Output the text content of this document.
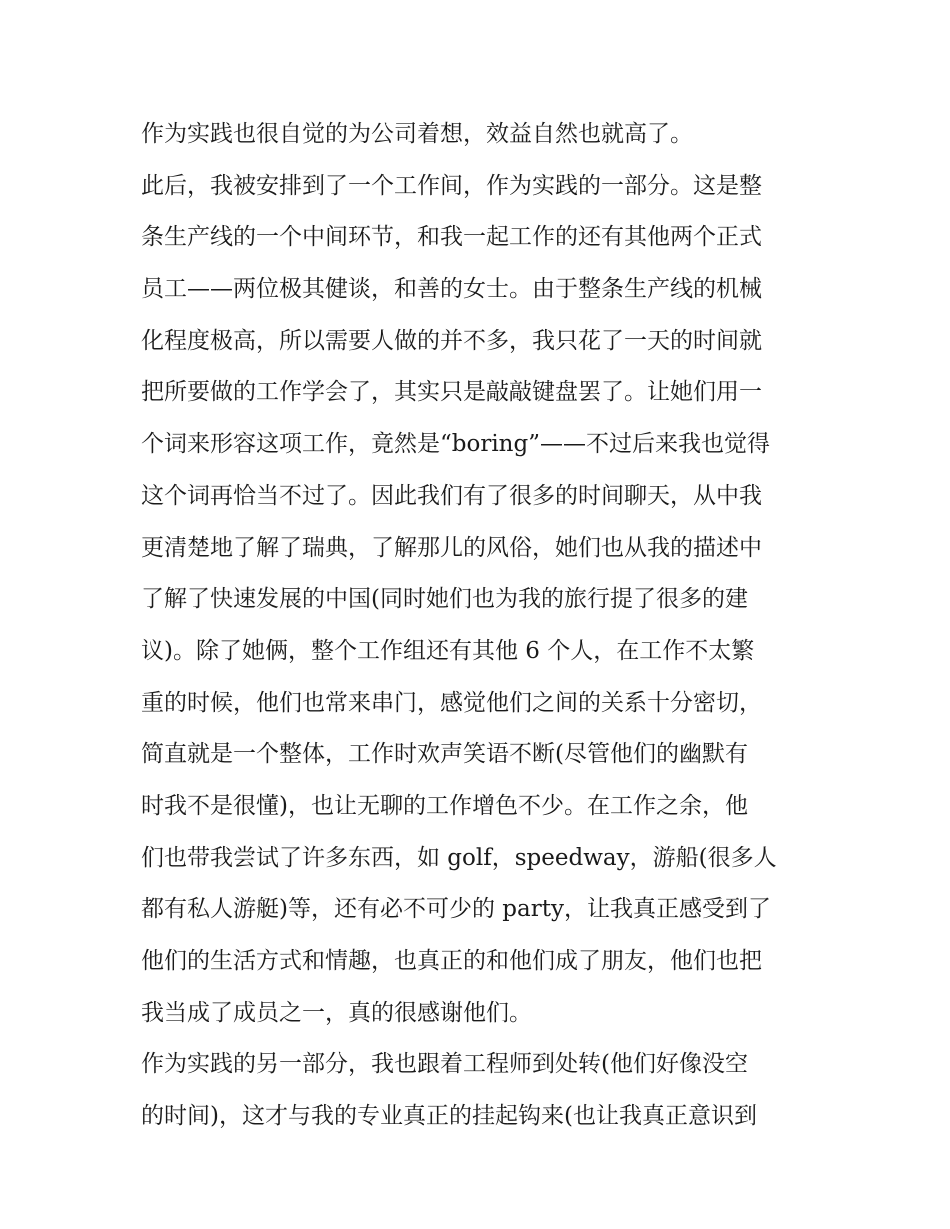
作为实践也很自觉的为公司着想，效益自然也就高了。
此后，我被安排到了一个工作间，作为实践的一部分。这是整
条生产线的一个中间环节，和我一起工作的还有其他两个正式
员工——两位极其健谈，和善的女士。由于整条生产线的机械
化程度极高，所以需要人做的并不多，我只花了一天的时间就
把所要做的工作学会了，其实只是敲敲键盘罢了。让她们用一
个词来形容这项工作，竟然是“boring”——不过后来我也觉得
这个词再恰当不过了。因此我们有了很多的时间聊天，从中我
更清楚地了解了瑞典，了解那儿的风俗，她们也从我的描述中
了解了快速发展的中国(同时她们也为我的旅行提了很多的建
议)。除了她俩，整个工作组还有其他 6 个人，在工作不太繁
重的时候，他们也常来串门，感觉他们之间的关系十分密切，
简直就是一个整体，工作时欢声笑语不断(尽管他们的幽默有
时我不是很懂)，也让无聊的工作增色不少。在工作之余，他
们也带我尝试了许多东西，如 golf，speedway，游船(很多人
都有私人游艇)等，还有必不可少的 party，让我真正感受到了
他们的生活方式和情趣，也真正的和他们成了朋友，他们也把
我当成了成员之一，真的很感谢他们。
作为实践的另一部分，我也跟着工程师到处转(他们好像没空
的时间)，这才与我的专业真正的挂起钩来(也让我真正意识到
